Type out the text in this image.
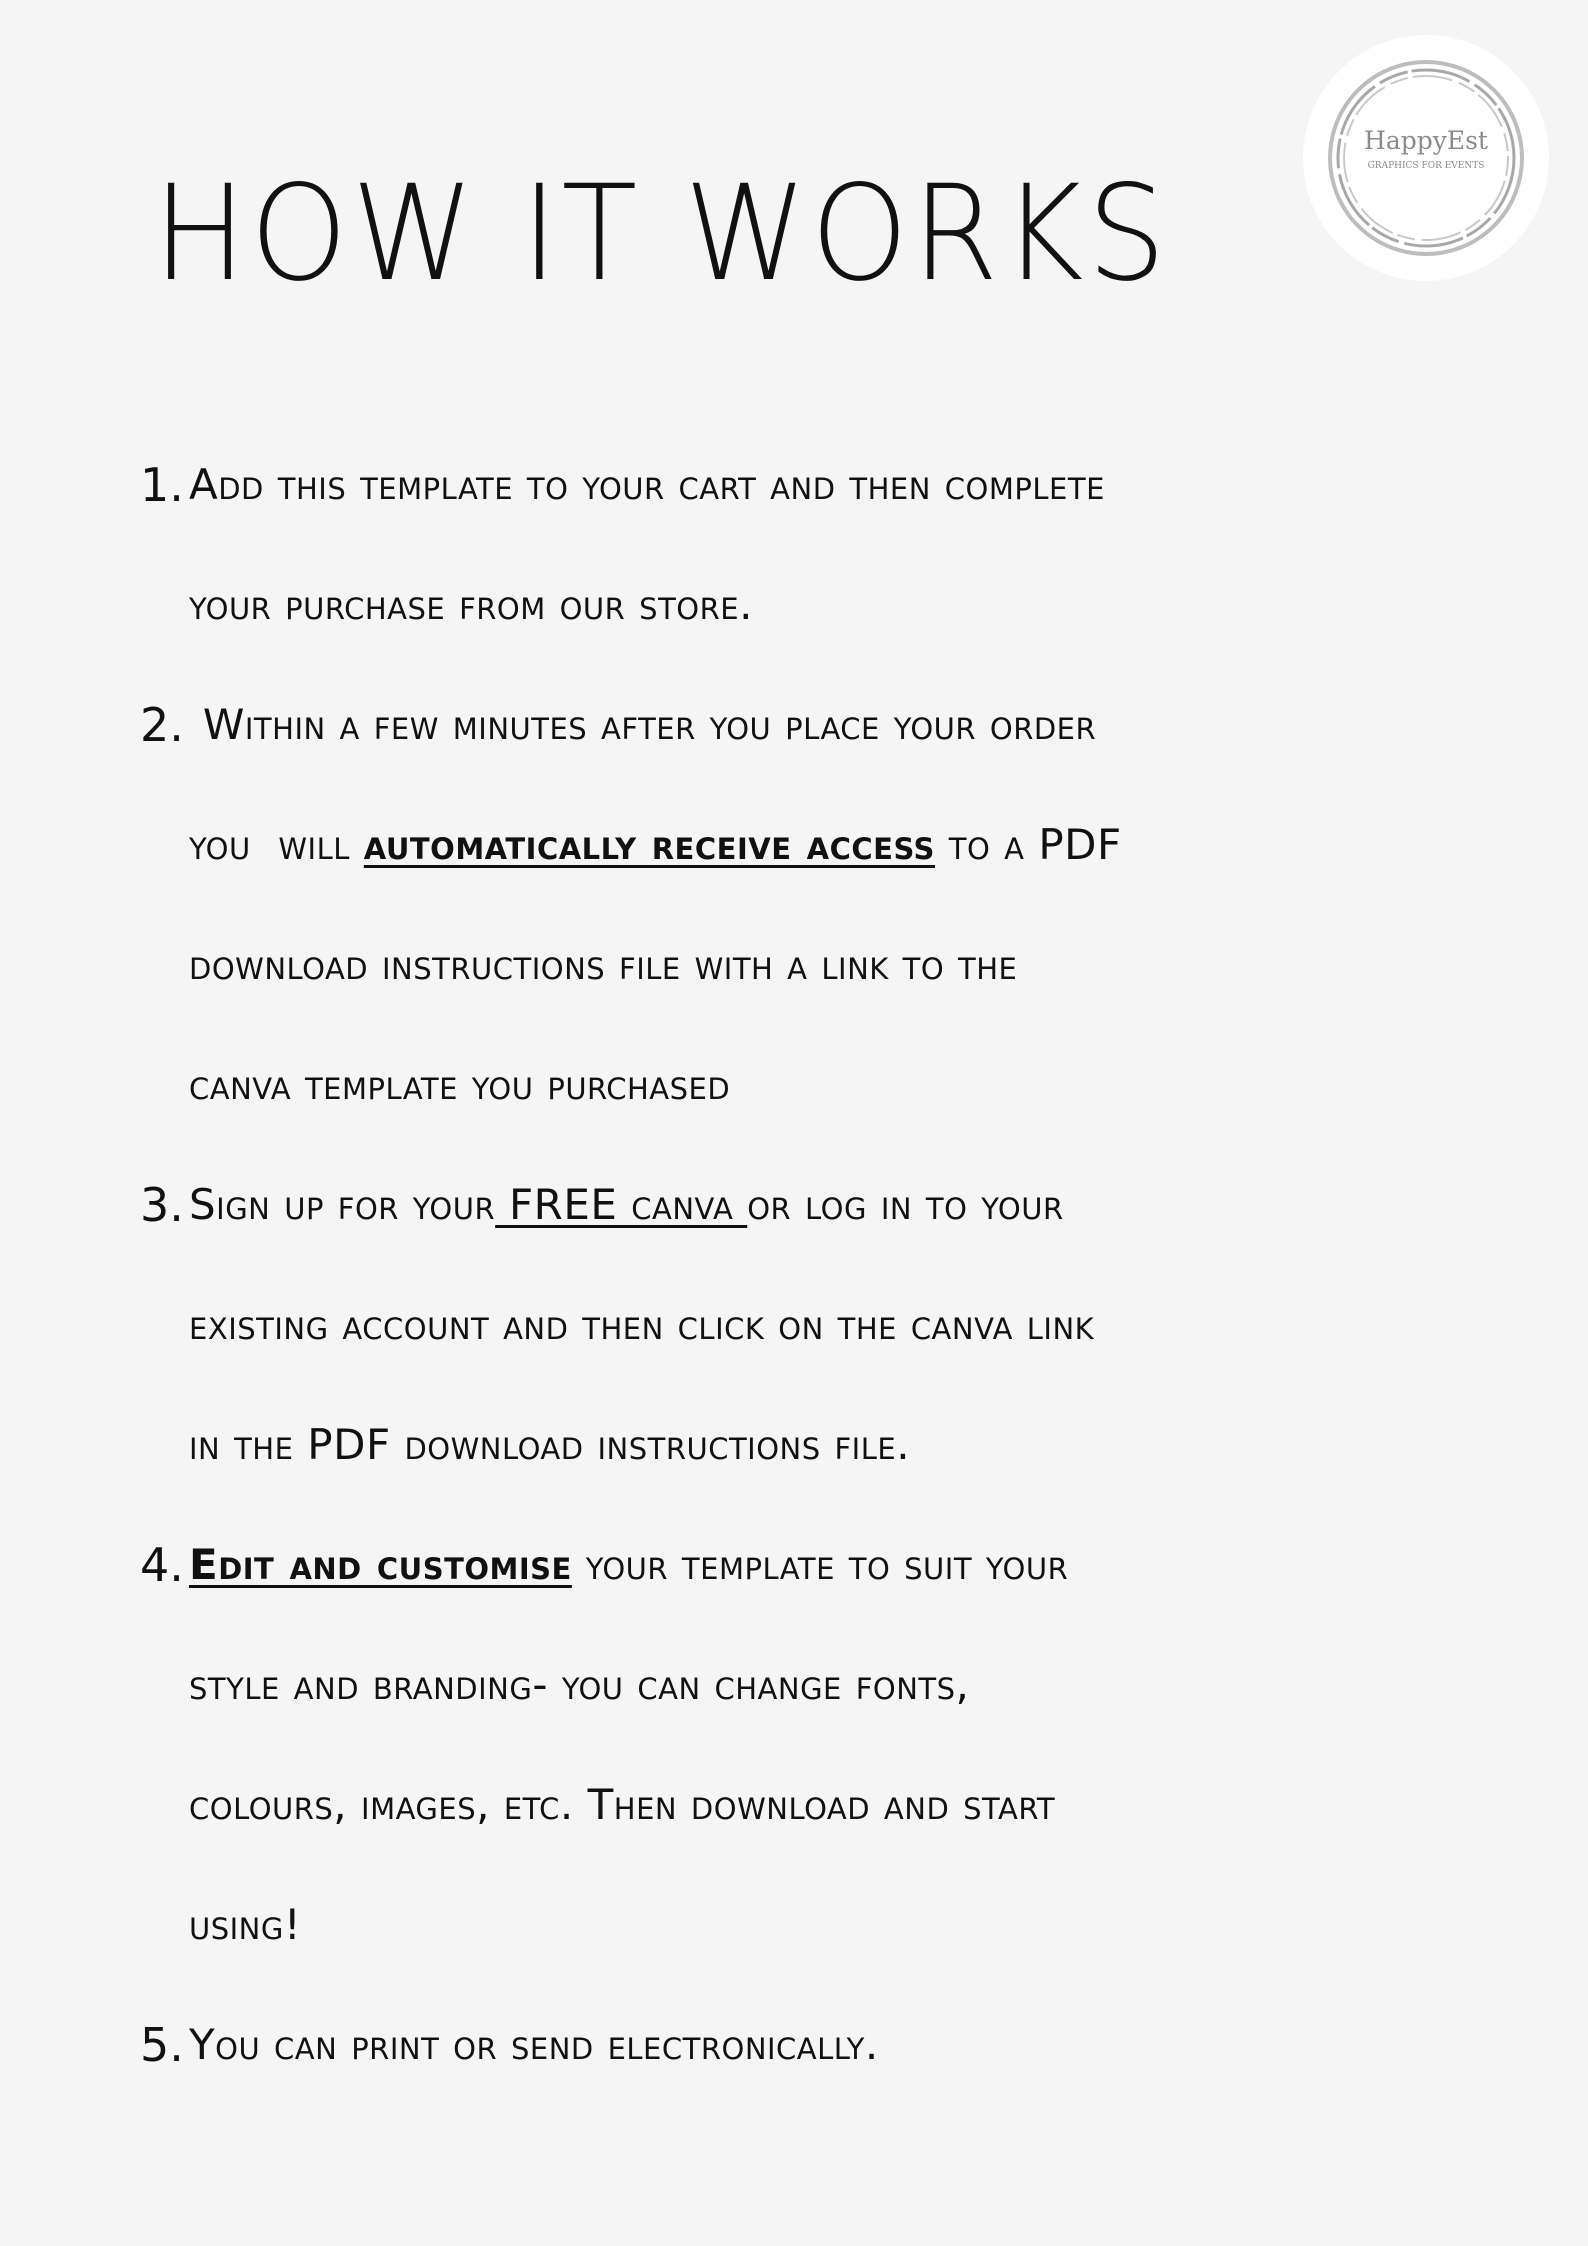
HappyEst
GRAPHICS FOR EVENTS
HOW IT WORKS
1. Add this template to your cart and then complete
your purchase from our store.
2. Within a few minutes after you place your order
you  will automatically receive access to a PDF
download instructions file with a link to the
canva template you purchased
3. Sign up for your FREE canva or log in to your
existing account and then click on the canva link
in the PDF download instructions file.
4. Edit and customise your template to suit your
style and branding- you can change fonts,
colours, images, etc. Then download and start
using!
5. You can print or send electronically.
